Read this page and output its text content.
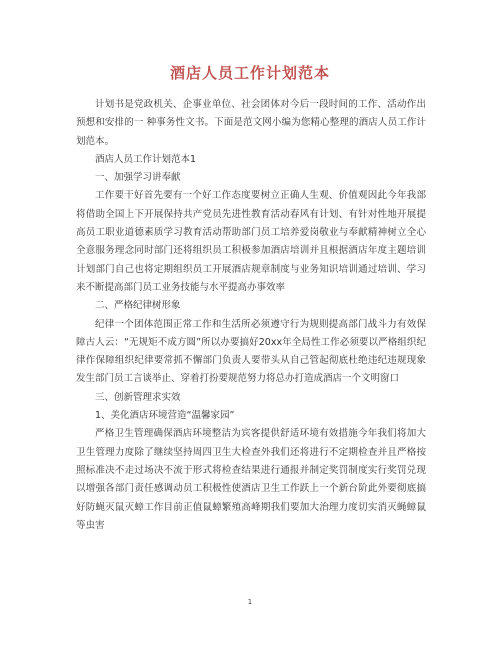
酒店人员工作计划范本

计划书是党政机关、企事业单位、社会团体对今后一段时间的工作、活动作出预想和安排的一 种事务性文书。下面是范文网小编为您精心整理的酒店人员工作计划范本。

酒店人员工作计划范本1

一、加强学习讲奉献

工作要干好首先要有一个好工作态度要树立正确人生观、价值观因此今年我部将借助全国上下开展保持共产党员先进性教育活动春风有计划、有针对性地开展提高员工职业道德素质学习教育活动帮助部门员工培养爱岗敬业与奉献精神树立全心全意服务理念同时部门还将组织员工积极参加酒店培训并且根据酒店年度主题培训计划部门自己也将定期组织员工开展酒店规章制度与业务知识培训通过培训、学习来不断提高部门员工业务技能与水平提高办事效率

二、严格纪律树形象

纪律一个团体范围正常工作和生活所必须遵守行为规则提高部门战斗力有效保障古人云：“无规矩不成方圆”所以办要搞好20xx年全局性工作必须要以严格组织纪律作保障组织纪律要常抓不懈部门负责人要带头从自己管起彻底杜绝违纪违规现象发生部门员工言谈举止、穿着打扮要规范努力将总办打造成酒店一个文明窗口

三、创新管理求实效

1、美化酒店环境营造“温馨家园”

严格卫生管理确保酒店环境整洁为宾客提供舒适环境有效措施今年我们将加大卫生管理力度除了继续坚持周四卫生大检查外我们还将进行不定期检查并且严格按照标准决不走过场决不流于形式将检查结果进行通报并制定奖罚制度实行奖罚兑现以增强各部门责任感调动员工积极性使酒店卫生工作跃上一个新台阶此外要彻底搞好防蝇灭鼠灭蟑工作目前正值鼠蟑繁殖高峰期我们要加大治理力度切实消灭蝇蟑鼠等虫害

1
